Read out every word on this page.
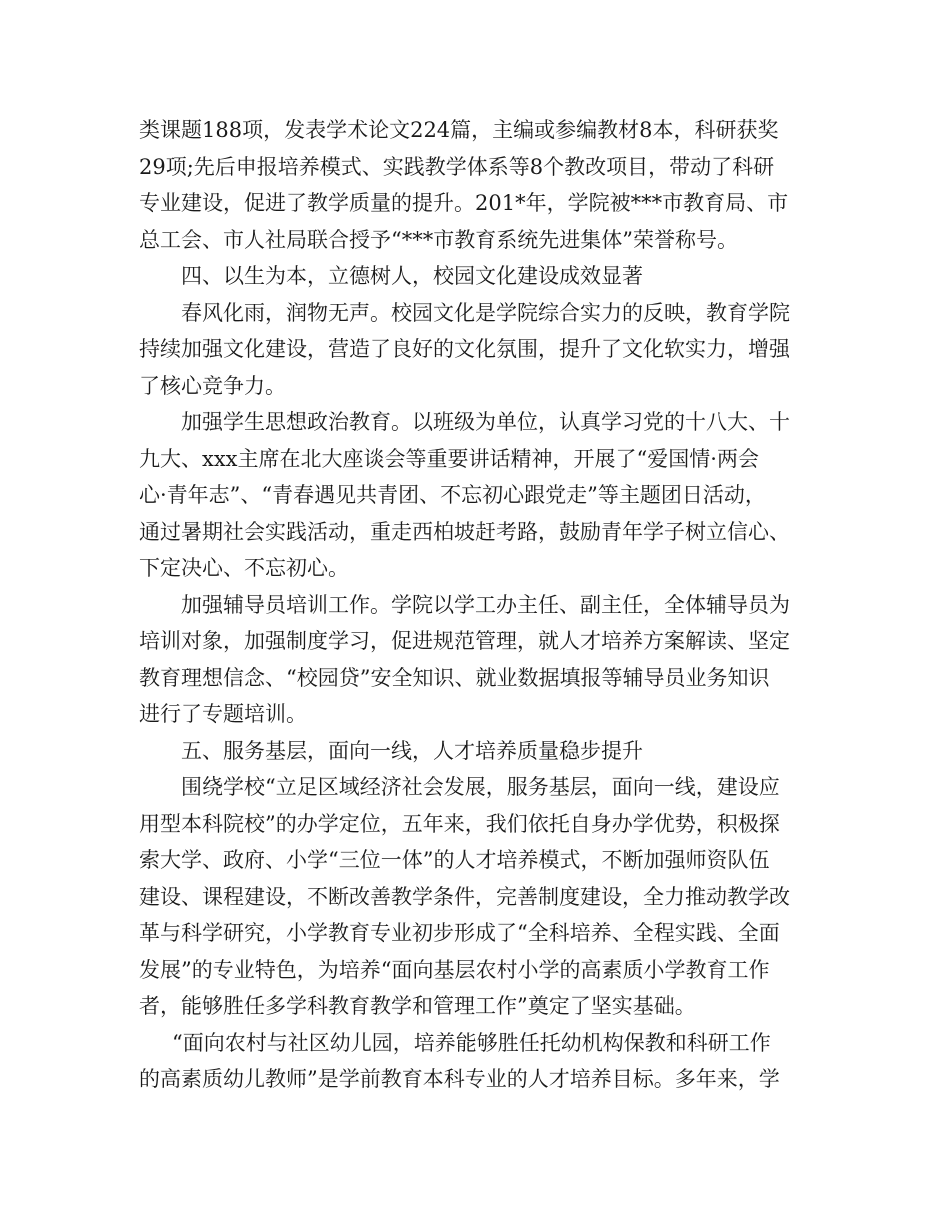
类课题188项，发表学术论文224篇，主编或参编教材8本，科研获奖
29项;先后申报培养模式、实践教学体系等8个教改项目，带动了科研
专业建设，促进了教学质量的提升。201*年，学院被***市教育局、市
总工会、市人社局联合授予“***市教育系统先进集体”荣誉称号。
四、以生为本，立德树人，校园文化建设成效显著
春风化雨，润物无声。校园文化是学院综合实力的反映，教育学院
持续加强文化建设，营造了良好的文化氛围，提升了文化软实力，增强
了核心竞争力。
加强学生思想政治教育。以班级为单位，认真学习党的十八大、十
九大、xxx主席在北大座谈会等重要讲话精神，开展了“爱国情·两会
心·青年志”、“青春遇见共青团、不忘初心跟党走”等主题团日活动，
通过暑期社会实践活动，重走西柏坡赶考路，鼓励青年学子树立信心、
下定决心、不忘初心。
加强辅导员培训工作。学院以学工办主任、副主任，全体辅导员为
培训对象，加强制度学习，促进规范管理，就人才培养方案解读、坚定
教育理想信念、“校园贷”安全知识、就业数据填报等辅导员业务知识
进行了专题培训。
五、服务基层，面向一线，人才培养质量稳步提升
围绕学校“立足区域经济社会发展，服务基层，面向一线，建设应
用型本科院校”的办学定位，五年来，我们依托自身办学优势，积极探
索大学、政府、小学“三位一体”的人才培养模式，不断加强师资队伍
建设、课程建设，不断改善教学条件，完善制度建设，全力推动教学改
革与科学研究，小学教育专业初步形成了“全科培养、全程实践、全面
发展”的专业特色，为培养“面向基层农村小学的高素质小学教育工作
者，能够胜任多学科教育教学和管理工作”奠定了坚实基础。
“面向农村与社区幼儿园，培养能够胜任托幼机构保教和科研工作
的高素质幼儿教师”是学前教育本科专业的人才培养目标。多年来，学
